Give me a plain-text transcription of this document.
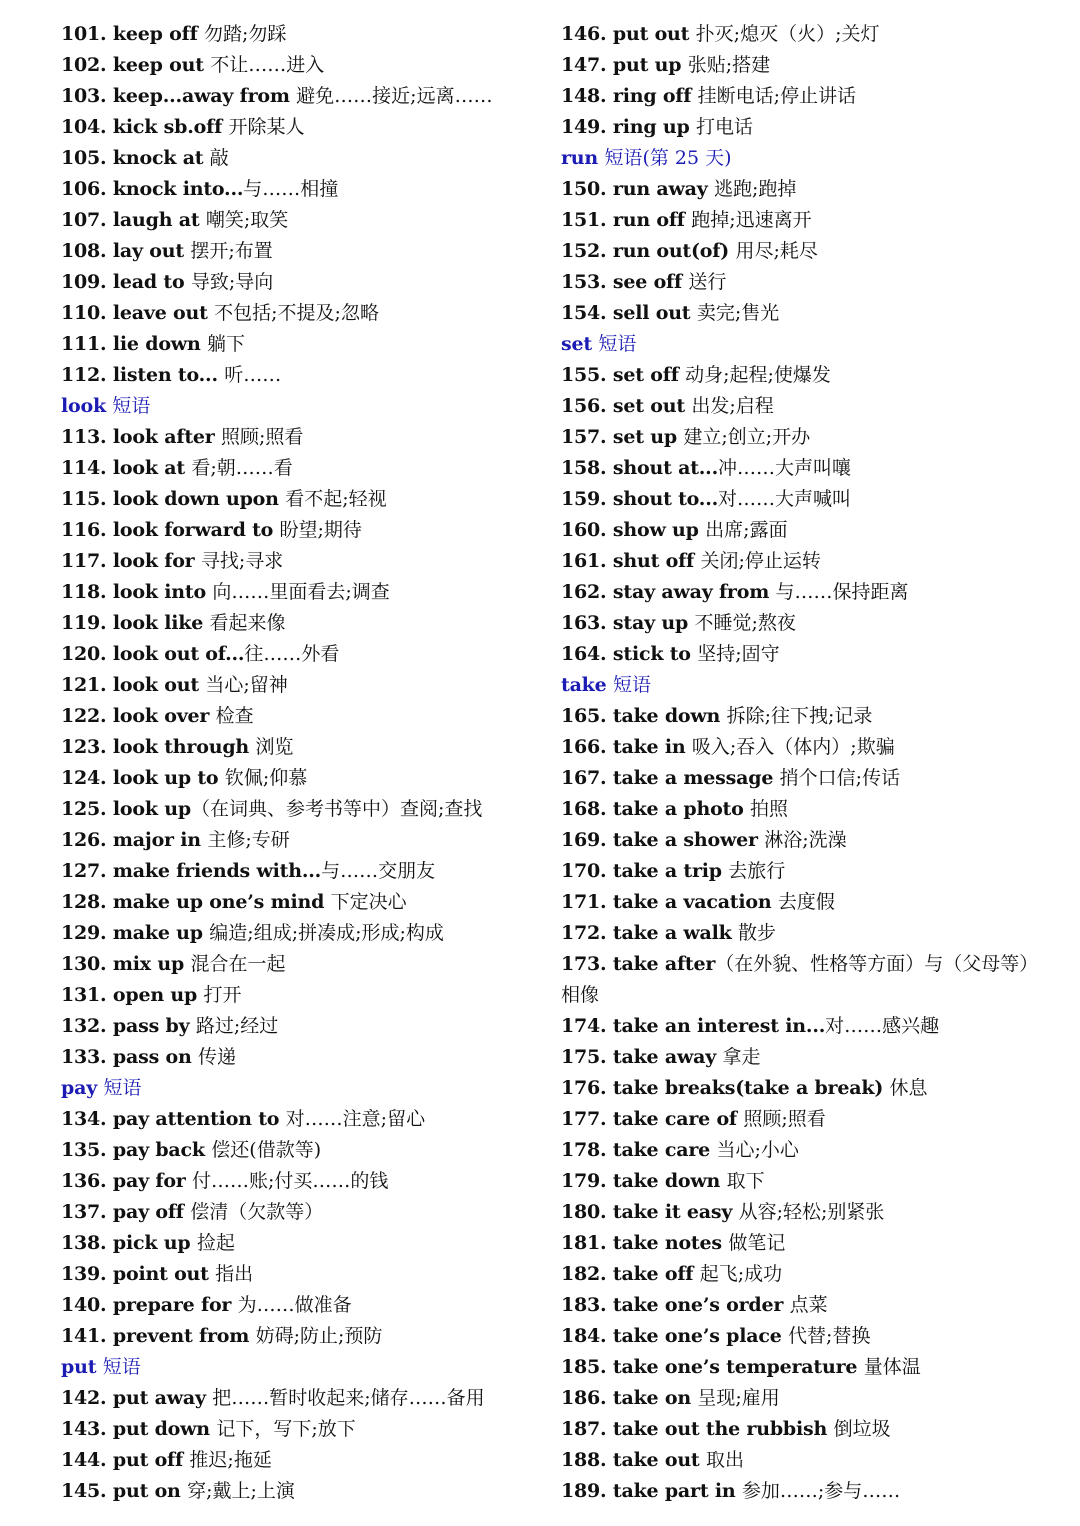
101. keep off 勿踏;勿踩
102. keep out 不让……进入
103. keep...away from 避免……接近;远离……
104. kick sb.off 开除某人
105. knock at 敲
106. knock into...与……相撞
107. laugh at 嘲笑;取笑
108. lay out 摆开;布置
109. lead to 导致;导向
110. leave out 不包括;不提及;忽略
111. lie down 躺下
112. listen to... 听……
look 短语
113. look after 照顾;照看
114. look at 看;朝……看
115. look down upon 看不起;轻视
116. look forward to 盼望;期待
117. look for 寻找;寻求
118. look into 向……里面看去;调查
119. look like 看起来像
120. look out of...往……外看
121. look out 当心;留神
122. look over 检查
123. look through 浏览
124. look up to 钦佩;仰慕
125. look up（在词典、参考书等中）查阅;查找
126. major in 主修;专研
127. make friends with...与……交朋友
128. make up one’s mind 下定决心
129. make up 编造;组成;拼凑成;形成;构成
130. mix up 混合在一起
131. open up 打开
132. pass by 路过;经过
133. pass on 传递
pay 短语
134. pay attention to 对……注意;留心
135. pay back 偿还(借款等)
136. pay for 付……账;付买……的钱
137. pay off 偿清（欠款等）
138. pick up 捡起
139. point out 指出
140. prepare for 为……做准备
141. prevent from 妨碍;防止;预防
put 短语
142. put away 把……暂时收起来;储存……备用
143. put down 记下，写下;放下
144. put off 推迟;拖延
145. put on 穿;戴上;上演
146. put out 扑灭;熄灭（火）;关灯
147. put up 张贴;搭建
148. ring off 挂断电话;停止讲话
149. ring up 打电话
run 短语(第 25 天)
150. run away 逃跑;跑掉
151. run off 跑掉;迅速离开
152. run out(of) 用尽;耗尽
153. see off 送行
154. sell out 卖完;售光
set 短语
155. set off 动身;起程;使爆发
156. set out 出发;启程
157. set up 建立;创立;开办
158. shout at...冲……大声叫嚷
159. shout to...对……大声喊叫
160. show up 出席;露面
161. shut off 关闭;停止运转
162. stay away from 与……保持距离
163. stay up 不睡觉;熬夜
164. stick to 坚持;固守
take 短语
165. take down 拆除;往下拽;记录
166. take in 吸入;吞入（体内）;欺骗
167. take a message 捎个口信;传话
168. take a photo 拍照
169. take a shower 淋浴;洗澡
170. take a trip 去旅行
171. take a vacation 去度假
172. take a walk 散步
173. take after（在外貌、性格等方面）与（父母等）
相像
174. take an interest in...对……感兴趣
175. take away 拿走
176. take breaks(take a break) 休息
177. take care of 照顾;照看
178. take care 当心;小心
179. take down 取下
180. take it easy 从容;轻松;别紧张
181. take notes 做笔记
182. take off 起飞;成功
183. take one’s order 点菜
184. take one’s place 代替;替换
185. take one’s temperature 量体温
186. take on 呈现;雇用
187. take out the rubbish 倒垃圾
188. take out 取出
189. take part in 参加……;参与……
